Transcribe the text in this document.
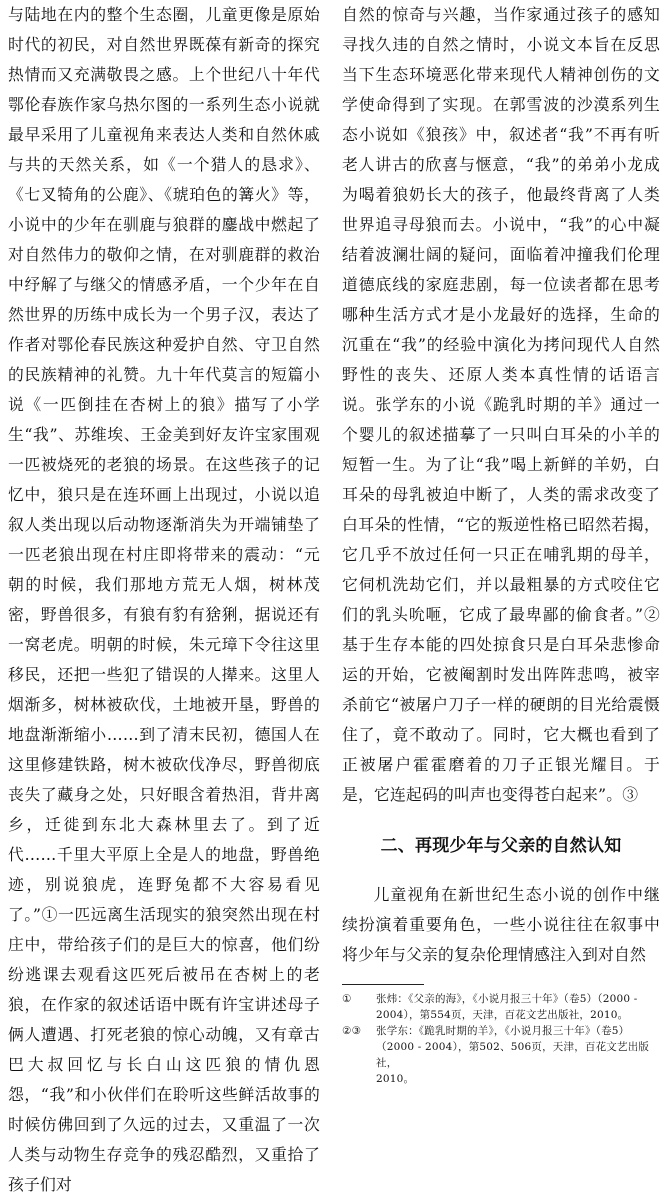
与陆地在内的整个生态圈，儿童更像是原始时代的初民，对自然世界既葆有新奇的探究热情而又充满敬畏之感。上个世纪八十年代鄂伦春族作家乌热尔图的一系列生态小说就最早采用了儿童视角来表达人类和自然休戚与共的天然关系，如《一个猎人的恳求》、《七叉犄角的公鹿》、《琥珀色的篝火》等，小说中的少年在驯鹿与狼群的鏖战中燃起了对自然伟力的敬仰之情，在对驯鹿群的救治中纾解了与继父的情感矛盾，一个少年在自然世界的历练中成长为一个男子汉，表达了作者对鄂伦春民族这种爱护自然、守卫自然的民族精神的礼赞。九十年代莫言的短篇小说《一匹倒挂在杏树上的狼》描写了小学生“我”、苏维埃、王金美到好友许宝家围观一匹被烧死的老狼的场景。在这些孩子的记忆中，狼只是在连环画上出现过，小说以追叙人类出现以后动物逐渐消失为开端铺垫了一匹老狼出现在村庄即将带来的震动：“元朝的时候，我们那地方荒无人烟，树林茂密，野兽很多，有狼有豹有猞猁，据说还有一窝老虎。明朝的时候，朱元璋下令往这里移民，还把一些犯了错误的人撵来。这里人烟渐多，树林被砍伐，土地被开垦，野兽的地盘渐渐缩小……到了清末民初，德国人在这里修建铁路，树木被砍伐净尽，野兽彻底丧失了藏身之处，只好眼含着热泪，背井离乡，迁徙到东北大森林里去了。到了近代……千里大平原上全是人的地盘，野兽绝迹，别说狼虎，连野兔都不大容易看见了。”①一匹远离生活现实的狼突然出现在村庄中，带给孩子们的是巨大的惊喜，他们纷纷逃课去观看这匹死后被吊在杏树上的老狼，在作家的叙述话语中既有许宝讲述母子俩人遭遇、打死老狼的惊心动魄，又有章古巴大叔回忆与长白山这匹狼的情仇恩怨，“我”和小伙伴们在聆听这些鲜活故事的时候仿佛回到了久远的过去，又重温了一次人类与动物生存竞争的残忍酷烈，又重拾了孩子们对

自然的惊奇与兴趣，当作家通过孩子的感知寻找久违的自然之情时，小说文本旨在反思当下生态环境恶化带来现代人精神创伤的文学使命得到了实现。在郭雪波的沙漠系列生态小说如《狼孩》中，叙述者“我”不再有听老人讲古的欣喜与惬意，“我”的弟弟小龙成为喝着狼奶长大的孩子，他最终背离了人类世界追寻母狼而去。小说中，“我”的心中凝结着波澜壮阔的疑问，面临着冲撞我们伦理道德底线的家庭悲剧，每一位读者都在思考哪种生活方式才是小龙最好的选择，生命的沉重在“我”的经验中演化为拷问现代人自然野性的丧失、还原人类本真性情的话语言说。张学东的小说《跪乳时期的羊》通过一个婴儿的叙述描摹了一只叫白耳朵的小羊的短暂一生。为了让“我”喝上新鲜的羊奶，白耳朵的母乳被迫中断了，人类的需求改变了白耳朵的性情，“它的叛逆性格已昭然若揭，它几乎不放过任何一只正在哺乳期的母羊，它伺机洗劫它们，并以最粗暴的方式咬住它们的乳头吮咂，它成了最卑鄙的偷食者。”②基于生存本能的四处掠食只是白耳朵悲惨命运的开始，它被阉割时发出阵阵悲鸣，被宰杀前它“被屠户刀子一样的硬朗的目光给震慑住了，竟不敢动了。同时，它大概也看到了正被屠户霍霍磨着的刀子正银光耀目。于是，它连起码的叫声也变得苍白起来”。③

二、再现少年与父亲的自然认知

儿童视角在新世纪生态小说的创作中继续扮演着重要角色，一些小说往往在叙事中将少年与父亲的复杂伦理情感注入到对自然

① 张炜：《父亲的海》，《小说月报三十年》（卷5）（2000 -
2004），第554页，天津，百花文艺出版社，2010。
②③ 张学东：《跪乳时期的羊》，《小说月报三十年》（卷5）
（2000 - 2004），第502、506页，天津，百花文艺出版社，
2010。
